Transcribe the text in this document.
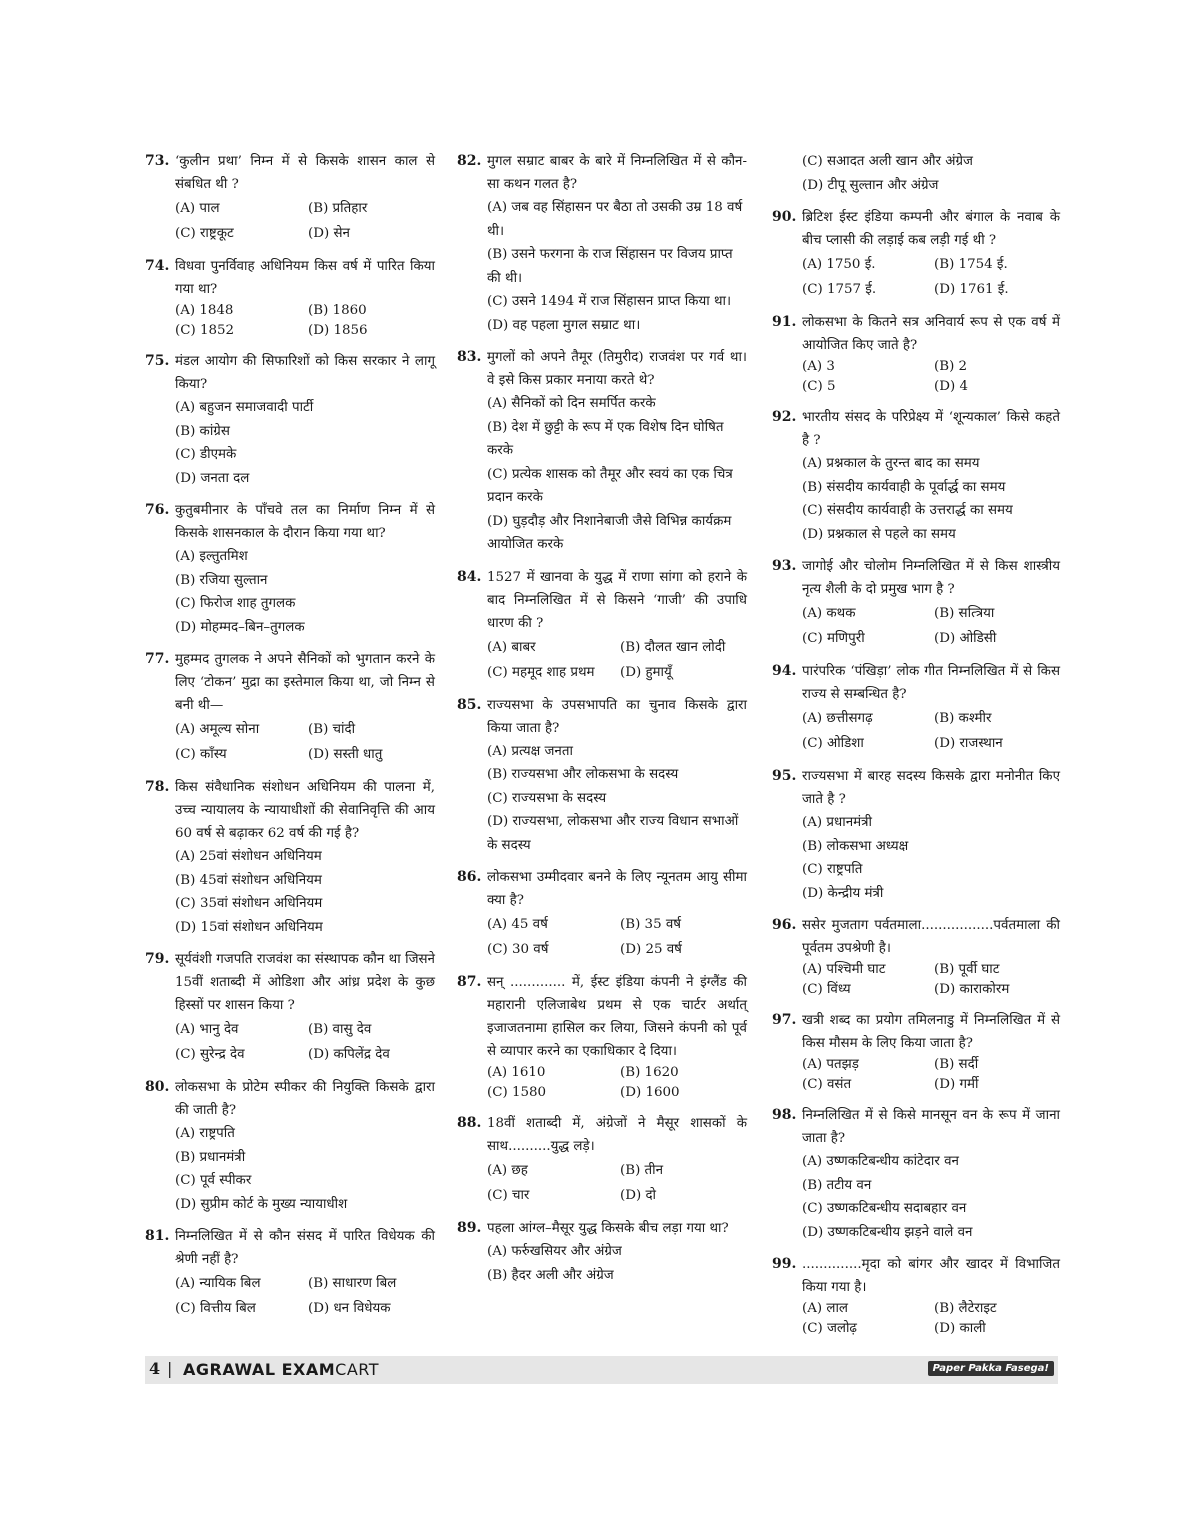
73. ‘कुलीन प्रथा’ निम्न में से किसके शासन काल से संबधित थी ?
(A) पाल	(B) प्रतिहार
(C) राष्ट्रकूट	(D) सेन
74. विधवा पुनर्विवाह अधिनियम किस वर्ष में पारित किया गया था?
(A) 1848	(B) 1860
(C) 1852	(D) 1856
75. मंडल आयोग की सिफारिशों को किस सरकार ने लागू किया?
(A) बहुजन समाजवादी पार्टी
(B) कांग्रेस
(C) डीएमके
(D) जनता दल
76. कुतुबमीनार के पाँचवे तल का निर्माण निम्न में से किसके शासनकाल के दौरान किया गया था?
(A) इल्तुतमिश
(B) रजिया सुल्तान
(C) फिरोज शाह तुगलक
(D) मोहम्मद–बिन–तुगलक
77. मुहम्मद तुगलक ने अपने सैनिकों को भुगतान करने के लिए ‘टोकन’ मुद्रा का इस्तेमाल किया था, जो निम्न से बनी थी—
(A) अमूल्य सोना	(B) चांदी
(C) काँस्य	(D) सस्ती धातु
78. किस संवैधानिक संशोधन अधिनियम की पालना में, उच्च न्यायालय के न्यायाधीशों की सेवानिवृत्ति की आय 60 वर्ष से बढ़ाकर 62 वर्ष की गई है?
(A) 25वां संशोधन अधिनियम
(B) 45वां संशोधन अधिनियम
(C) 35वां संशोधन अधिनियम
(D) 15वां संशोधन अधिनियम
79. सूर्यवंशी गजपति राजवंश का संस्थापक कौन था जिसने 15वीं शताब्दी में ओडिशा और आंध्र प्रदेश के कुछ हिस्सों पर शासन किया ?
(A) भानु देव	(B) वासु देव
(C) सुरेन्द्र देव	(D) कपिलेंद्र देव
80. लोकसभा के प्रोटेम स्पीकर की नियुक्ति किसके द्वारा की जाती है?
(A) राष्ट्रपति
(B) प्रधानमंत्री
(C) पूर्व स्पीकर
(D) सुप्रीम कोर्ट के मुख्य न्यायाधीश
81. निम्नलिखित में से कौन संसद में पारित विधेयक की श्रेणी नहीं है?
(A) न्यायिक बिल	(B) साधारण बिल
(C) वित्तीय बिल	(D) धन विधेयक
82. मुगल सम्राट बाबर के बारे में निम्नलिखित में से कौन-सा कथन गलत है?
(A) जब वह सिंहासन पर बैठा तो उसकी उम्र 18 वर्ष थी।
(B) उसने फरगना के राज सिंहासन पर विजय प्राप्त की थी।
(C) उसने 1494 में राज सिंहासन प्राप्त किया था।
(D) वह पहला मुगल सम्राट था।
83. मुगलों को अपने तैमूर (तिमुरीद) राजवंश पर गर्व था। वे इसे किस प्रकार मनाया करते थे?
(A) सैनिकों को दिन समर्पित करके
(B) देश में छुट्टी के रूप में एक विशेष दिन घोषित करके
(C) प्रत्येक शासक को तैमूर और स्वयं का एक चित्र प्रदान करके
(D) घुड़दौड़ और निशानेबाजी जैसे विभिन्न कार्यक्रम आयोजित करके
84. 1527 में खानवा के युद्ध में राणा सांगा को हराने के बाद निम्नलिखित में से किसने ‘गाजी’ की उपाधि धारण की ?
(A) बाबर	(B) दौलत खान लोदी
(C) महमूद शाह प्रथम	(D) हुमायूँ
85. राज्यसभा के उपसभापति का चुनाव किसके द्वारा किया जाता है?
(A) प्रत्यक्ष जनता
(B) राज्यसभा और लोकसभा के सदस्य
(C) राज्यसभा के सदस्य
(D) राज्यसभा, लोकसभा और राज्य विधान सभाओं के सदस्य
86. लोकसभा उम्मीदवार बनने के लिए न्यूनतम आयु सीमा क्या है?
(A) 45 वर्ष	(B) 35 वर्ष
(C) 30 वर्ष	(D) 25 वर्ष
87. सन् ............. में, ईस्ट इंडिया कंपनी ने इंग्लैंड की महारानी एलिजाबेथ प्रथम से एक चार्टर अर्थात् इजाजतनामा हासिल कर लिया, जिसने कंपनी को पूर्व से व्यापार करने का एकाधिकार दे दिया।
(A) 1610	(B) 1620
(C) 1580	(D) 1600
88. 18वीं शताब्दी में, अंग्रेजों ने मैसूर शासकों के साथ..........युद्ध लड़े।
(A) छह	(B) तीन
(C) चार	(D) दो
89. पहला आंग्ल–मैसूर युद्ध किसके बीच लड़ा गया था?
(A) फर्रुखसियर और अंग्रेज
(B) हैदर अली और अंग्रेज
(C) सआदत अली खान और अंग्रेज
(D) टीपू सुल्तान और अंग्रेज
90. ब्रिटिश ईस्ट इंडिया कम्पनी और बंगाल के नवाब के बीच प्लासी की लड़ाई कब लड़ी गई थी ?
(A) 1750 ई.	(B) 1754 ई.
(C) 1757 ई.	(D) 1761 ई.
91. लोकसभा के कितने सत्र अनिवार्य रूप से एक वर्ष में आयोजित किए जाते है?
(A) 3	(B) 2
(C) 5	(D) 4
92. भारतीय संसद के परिप्रेक्ष्य में ‘शून्यकाल’ किसे कहते है ?
(A) प्रश्नकाल के तुरन्त बाद का समय
(B) संसदीय कार्यवाही के पूर्वार्द्ध का समय
(C) संसदीय कार्यवाही के उत्तरार्द्ध का समय
(D) प्रश्नकाल से पहले का समय
93. जागोई और चोलोम निम्नलिखित में से किस शास्त्रीय नृत्य शैली के दो प्रमुख भाग है ?
(A) कथक	(B) सत्त्रिया
(C) मणिपुरी	(D) ओडिसी
94. पारंपरिक ‘पंखिड़ा’ लोक गीत निम्नलिखित में से किस राज्य से सम्बन्धित है?
(A) छत्तीसगढ़	(B) कश्मीर
(C) ओडिशा	(D) राजस्थान
95. राज्यसभा में बारह सदस्य किसके द्वारा मनोनीत किए जाते है ?
(A) प्रधानमंत्री
(B) लोकसभा अध्यक्ष
(C) राष्ट्रपति
(D) केन्द्रीय मंत्री
96. ससेर मुजताग पर्वतमाला.................पर्वतमाला की पूर्वतम उपश्रेणी है।
(A) पश्चिमी घाट	(B) पूर्वी घाट
(C) विंध्य	(D) काराकोरम
97. खत्री शब्द का प्रयोग तमिलनाडु में निम्नलिखित में से किस मौसम के लिए किया जाता है?
(A) पतझड़	(B) सर्दी
(C) वसंत	(D) गर्मी
98. निम्नलिखित में से किसे मानसून वन के रूप में जाना जाता है?
(A) उष्णकटिबन्धीय कांटेदार वन
(B) तटीय वन
(C) उष्णकटिबन्धीय सदाबहार वन
(D) उष्णकटिबन्धीय झड़ने वाले वन
99. ..............मृदा को बांगर और खादर में विभाजित किया गया है।
(A) लाल	(B) लैटेराइट
(C) जलोढ़	(D) काली
4 | AGRAWAL EXAMCART	Paper Pakka Fasega!
